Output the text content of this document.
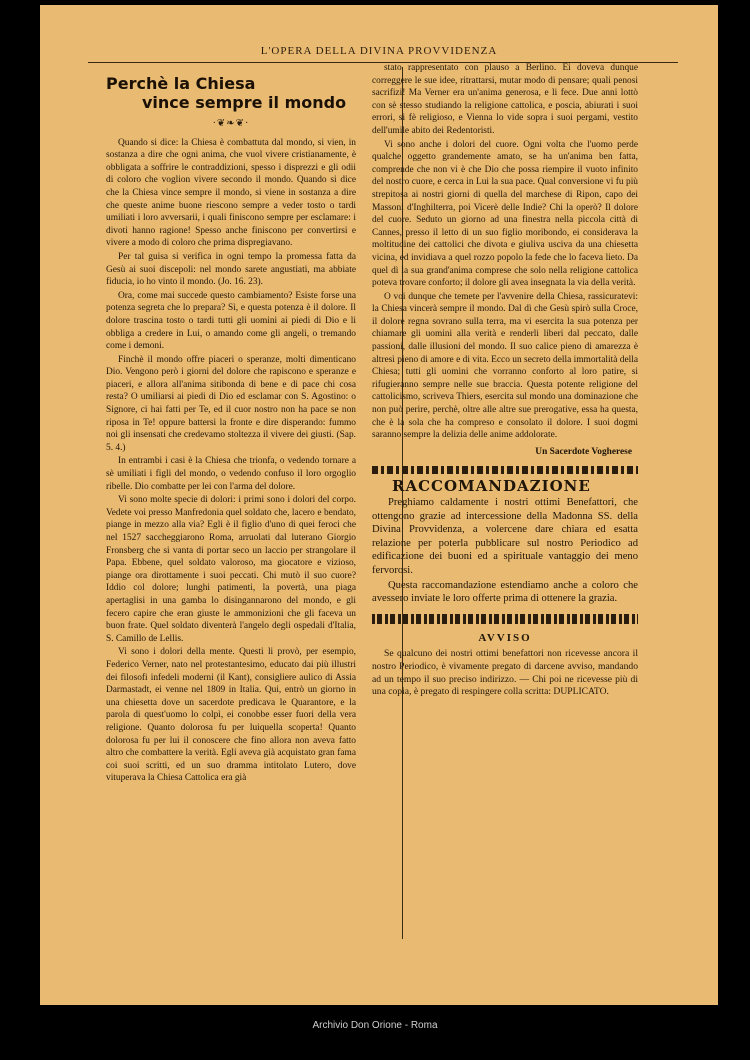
L'OPERA DELLA DIVINA PROVVIDENZA
Perchè la Chiesa
vince sempre il mondo
·❦❧❦·

Quando si dice: la Chiesa è combattuta dal mondo, si vien, in sostanza a dire che ogni anima, che vuol vivere cristianamente, è obbligata a soffrire le contraddizioni, spesso i disprezzi e gli odii di coloro che voglion vivere secondo il mondo. Quando si dice che la Chiesa vince sempre il mondo, si viene in sostanza a dire che queste anime buone riescono sempre a veder tosto o tardi umiliati i loro avversarii, i quali finiscono sempre per esclamare: i divoti hanno ragione! Spesso anche finiscono per convertirsi e vivere a modo di coloro che prima dispregiavano.

Per tal guisa si verifica in ogni tempo la promessa fatta da Gesù ai suoi discepoli: nel mondo sarete angustiati, ma abbiate fiducia, io ho vinto il mondo. (Jo. 16. 23).

Ora, come mai succede questo cambiamento? Esiste forse una potenza segreta che lo prepara? Sì, e questa potenza è il dolore. Il dolore trascina tosto o tardi tutti gli uomini ai piedi di Dio e li obbliga a credere in Lui, o amando come gli angeli, o tremando come i demoni.

Finchè il mondo offre piaceri o speranze, molti dimenticano Dio. Vengono però i giorni del dolore che rapiscono e speranze e piaceri, e allora all'anima sitibonda di bene e di pace chi cosa resta? O umiliarsi ai piedi di Dio ed esclamar con S. Agostino: o Signore, ci hai fatti per Te, ed il cuor nostro non ha pace se non riposa in Te! oppure battersi la fronte e dire disperando: fummo noi gli insensati che credevamo stoltezza il vivere dei giusti. (Sap. 5. 4.)

In entrambi i casi è la Chiesa che trionfa, o vedendo tornare a sè umiliati i figli del mondo, o vedendo confuso il loro orgoglio ribelle. Dio combatte per lei con l'arma del dolore.

Vi sono molte specie di dolori: i primi sono i dolori del corpo. Vedete voi presso Manfredonia quel soldato che, lacero e bendato, piange in mezzo alla via? Egli è il figlio d'uno di quei feroci che nel 1527 saccheggiarono Roma, arruolati dal luterano Giorgio Fronsberg che si vanta di portar seco un laccio per strangolare il Papa. Ebbene, quel soldato valoroso, ma giocatore e vizioso, piange ora dirottamente i suoi peccati. Chi mutò il suo cuore? Iddio col dolore; lunghi patimenti, la povertà, una piaga apertaglisi in una gamba lo disingannarono del mondo, e gli fecero capire che eran giuste le ammonizioni che gli faceva un buon frate. Quel soldato diventerà l'angelo degli ospedali d'Italia, S. Camillo de Lellis.

Vi sono i dolori della mente. Questi li provò, per esempio, Federico Verner, nato nel protestantesimo, educato dai più illustri dei filosofi infedeli moderni (il Kant), consigliere aulico di Assia Darmastadt, ei venne nel 1809 in Italia. Qui, entrò un giorno in una chiesetta dove un sacerdote predicava le Quarantore, e la parola di quest'uomo lo colpì, ei conobbe esser fuori della vera religione. Quanto dolorosa fu per luiquella scoperta! Quanto dolorosa fu per lui il conoscere che fino allora non aveva fatto altro che combattere la verità. Egli aveva già acquistato gran fama coi suoi scritti, ed un suo dramma intitolato Lutero, dove vituperava la Chiesa Cattolica era già

stato rappresentato con plauso a Berlino. Ei doveva dunque correggere le sue idee, ritrattarsi, mutar modo di pensare; quali penosi sacrifizi! Ma Verner era un'anima generosa, e li fece. Due anni lottò con sè stesso studiando la religione cattolica, e poscia, abiurati i suoi errori, si fè religioso, e Vienna lo vide sopra i suoi pergami, vestito dell'umile abito dei Redentoristi.

Vi sono anche i dolori del cuore. Ogni volta che l'uomo perde qualche oggetto grandemente amato, se ha un'anima ben fatta, comprende che non vi è che Dio che possa riempire il vuoto infinito del nostro cuore, e cerca in Lui la sua pace. Qual conversione vi fu più strepitosa ai nostri giorni di quella del marchese di Ripon, capo dei Massoni d'Inghilterra, poi Vicerè delle Indie? Chi la operò? Il dolore del cuore. Seduto un giorno ad una finestra nella piccola città di Cannes, presso il letto di un suo figlio moribondo, ei considerava la moltitudine dei cattolici che divota e giuliva usciva da una chiesetta vicina, ed invidiava a quel rozzo popolo la fede che lo faceva lieto. Da quel dì la sua grand'anima comprese che solo nella religione cattolica poteva trovare conforto; il dolore gli avea insegnata la via della verità.

O voi dunque che temete per l'avvenire della Chiesa, rassicuratevi: la Chiesa vincerà sempre il mondo. Dal dì che Gesù spirò sulla Croce, il dolore regna sovrano sulla terra, ma vi esercita la sua potenza per chiamare gli uomini alla verità e renderli liberi dal peccato, dalle passioni, dalle illusioni del mondo. Il suo calice pieno di amarezza è altresì pieno di amore e di vita. Ecco un secreto della immortalità della Chiesa; tutti gli uomini che vorranno conforto al loro patire, si rifugieranno sempre nelle sue braccia. Questa potente religione del cattolicismo, scriveva Thiers, esercita sul mondo una dominazione che non può perire, perchè, oltre alle altre sue prerogative, essa ha questa, che è la sola che ha compreso e consolato il dolore. I suoi dogmi saranno sempre la delizia delle anime addolorate.

Un Sacerdote Vogherese
RACCOMANDAZIONE

Preghiamo caldamente i nostri ottimi Benefattori, che ottengono grazie ad intercessione della Madonna SS. della Divina Provvidenza, a volercene dare chiara ed esatta relazione per poterla pubblicare sul nostro Periodico ad edificazione dei buoni ed a spirituale vantaggio dei meno fervorosi.

Questa raccomandazione estendiamo anche a coloro che avessero inviate le loro offerte prima di ottenere la grazia.

AVVISO

Se qualcuno dei nostri ottimi benefattori non ricevesse ancora il nostro Periodico, è vivamente pregato di darcene avviso, mandando ad un tempo il suo preciso indirizzo. — Chi poi ne ricevesse più di una copia, è pregato di respingere colla scritta: DUPLICATO.

Archivio Don Orione - Roma
